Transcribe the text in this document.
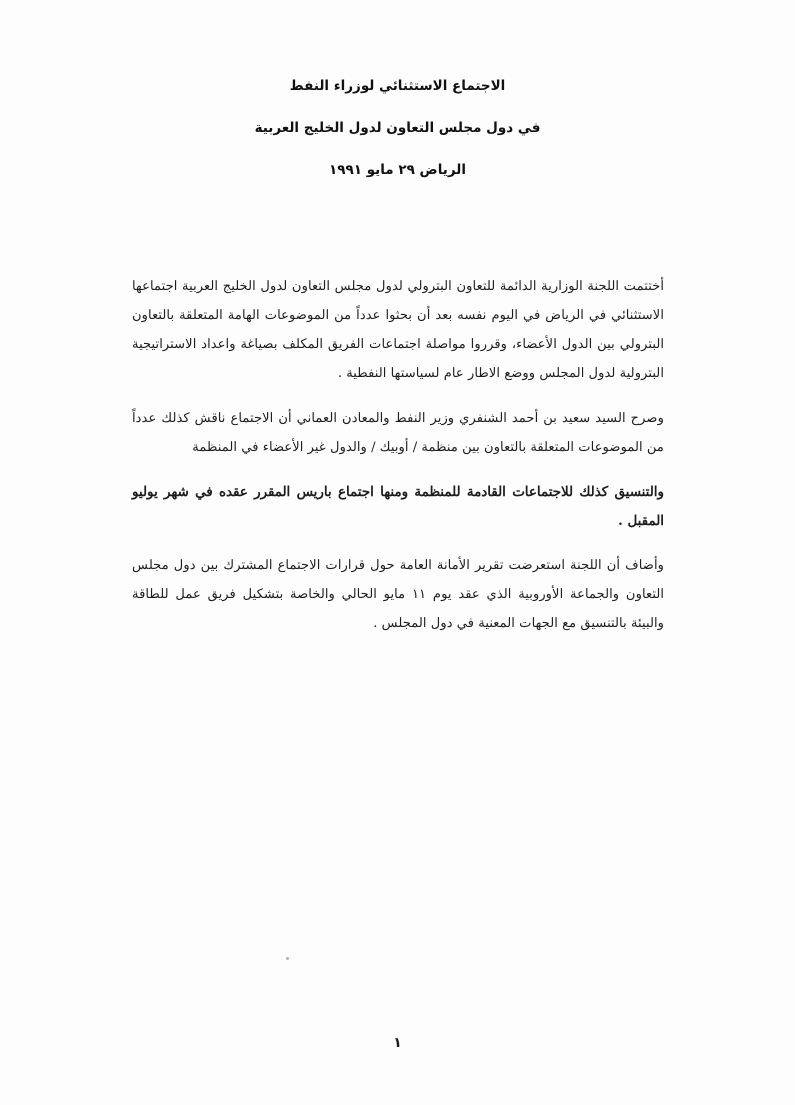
الاجتماع الاستثنائي لوزراء النفط
في دول مجلس التعاون لدول الخليج العربية
الرياض ٢٩ مايو ١٩٩١

أختتمت اللجنة الوزارية الدائمة للتعاون البترولي لدول مجلس التعاون لدول الخليج العربية اجتماعها الاستثنائي في الرياض في اليوم نفسه بعد أن بحثوا عدداً من الموضوعات الهامة المتعلقة بالتعاون البترولي بين الدول الأعضاء، وقرروا مواصلة اجتماعات الفريق المكلف بصياغة واعداد الاستراتيجية البترولية لدول المجلس ووضع الاطار عام لسياستها النفطية .

وصرح السيد سعيد بن أحمد الشنفري وزير النفط والمعادن العماني أن الاجتماع ناقش كذلك عدداً من الموضوعات المتعلقة بالتعاون بين منظمة / أوبيك / والدول غير الأعضاء في المنظمة

والتنسيق كذلك للاجتماعات القادمة للمنظمة ومنها اجتماع باريس المقرر عقده في شهر يوليو المقبل .

وأضاف أن اللجنة استعرضت تقرير الأمانة العامة حول قرارات الاجتماع المشترك بين دول مجلس التعاون والجماعة الأوروبية الذي عقد يوم ١١ مايو الحالي والخاصة بتشكيل فريق عمل للطاقة والبيئة بالتنسيق مع الجهات المعنية في دول المجلس .

١
